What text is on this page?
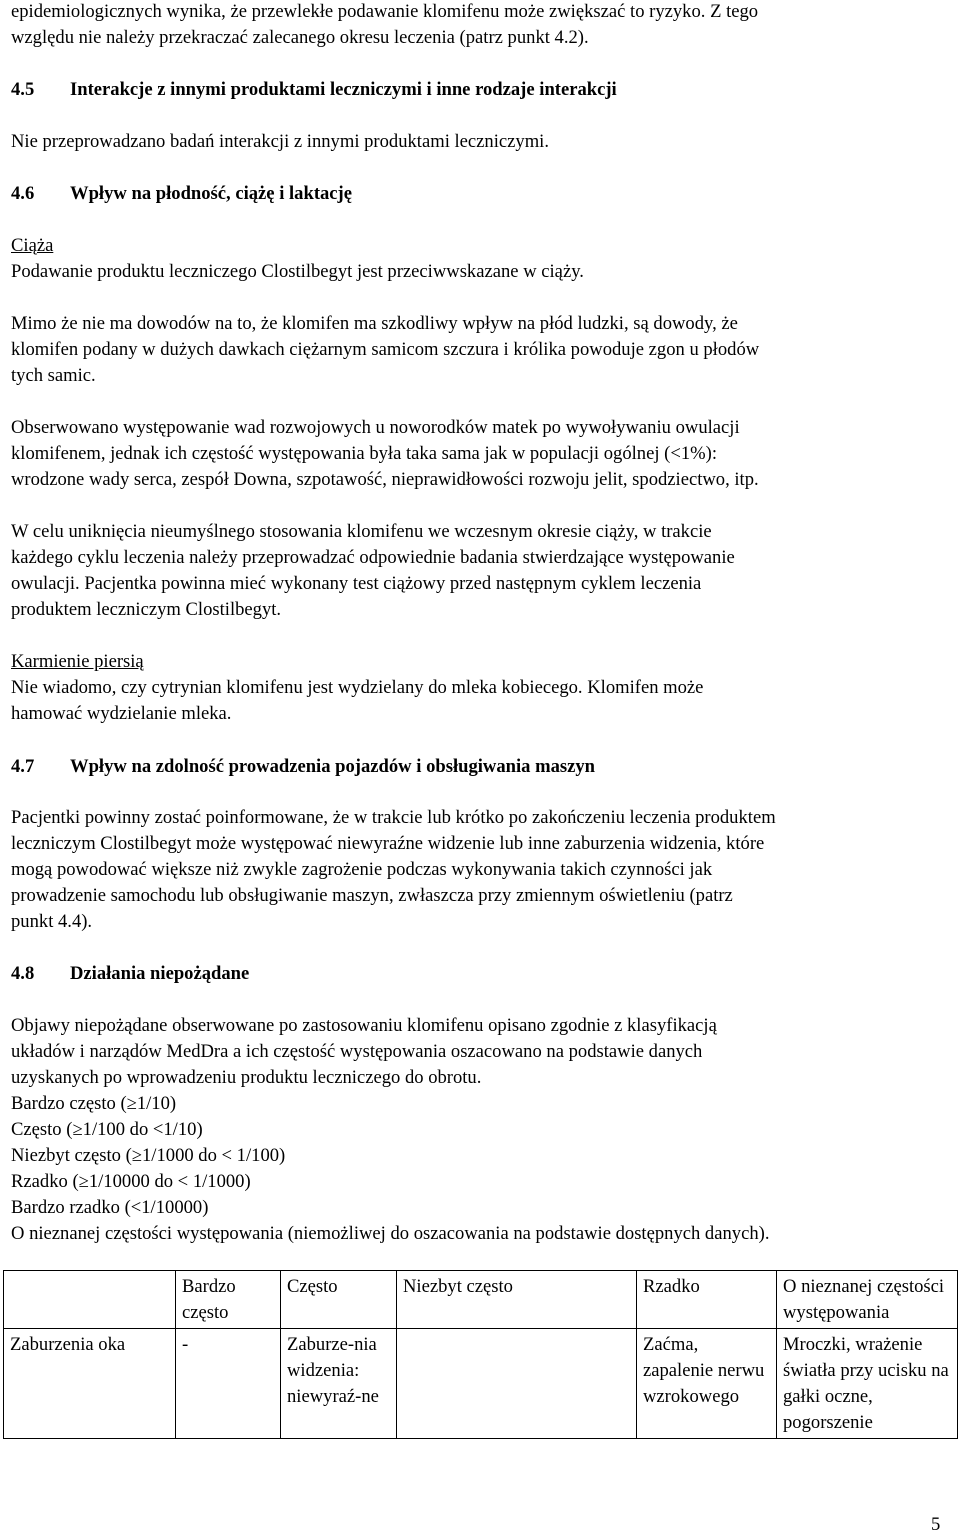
epidemiologicznych wynika, że przewlekłe podawanie klomifenu może zwiększać to ryzyko. Z tego

względu nie należy przekraczać zalecanego okresu leczenia (patrz punkt 4.2).

4.5 Interakcje z innymi produktami leczniczymi i inne rodzaje interakcji

Nie przeprowadzano badań interakcji z innymi produktami leczniczymi.

4.6 Wpływ na płodność, ciążę i laktację

Ciąża

Podawanie produktu leczniczego Clostilbegyt jest przeciwwskazane w ciąży.

Mimo że nie ma dowodów na to, że klomifen ma szkodliwy wpływ na płód ludzki, są dowody, że

klomifen podany w dużych dawkach ciężarnym samicom szczura i królika powoduje zgon u płodów

tych samic.

Obserwowano występowanie wad rozwojowych u noworodków matek po wywoływaniu owulacji

klomifenem, jednak ich częstość występowania była taka sama jak w populacji ogólnej (<1%):

wrodzone wady serca, zespół Downa, szpotawość, nieprawidłowości rozwoju jelit, spodziectwo, itp.

W celu uniknięcia nieumyślnego stosowania klomifenu we wczesnym okresie ciąży, w trakcie

każdego cyklu leczenia należy przeprowadzać odpowiednie badania stwierdzające występowanie

owulacji. Pacjentka powinna mieć wykonany test ciążowy przed następnym cyklem leczenia

produktem leczniczym Clostilbegyt.

Karmienie piersią

Nie wiadomo, czy cytrynian klomifenu jest wydzielany do mleka kobiecego. Klomifen może

hamować wydzielanie mleka.

4.7 Wpływ na zdolność prowadzenia pojazdów i obsługiwania maszyn

Pacjentki powinny zostać poinformowane, że w trakcie lub krótko po zakończeniu leczenia produktem

leczniczym Clostilbegyt może występować niewyraźne widzenie lub inne zaburzenia widzenia, które

mogą powodować większe niż zwykle zagrożenie podczas wykonywania takich czynności jak

prowadzenie samochodu lub obsługiwanie maszyn, zwłaszcza przy zmiennym oświetleniu (patrz

punkt 4.4).

4.8 Działania niepożądane

Objawy niepożądane obserwowane po zastosowaniu klomifenu opisano zgodnie z klasyfikacją

układów i narządów MedDra a ich częstość występowania oszacowano na podstawie danych

uzyskanych po wprowadzeniu produktu leczniczego do obrotu.

Bardzo często (≥1/10)

Często (≥1/100 do <1/10)

Niezbyt często (≥1/1000 do < 1/100)

Rzadko (≥1/10000 do < 1/1000)

Bardzo rzadko (<1/10000)

O nieznanej częstości występowania (niemożliwej do oszacowania na podstawie dostępnych danych).

	Bardzo często	Często	Niezbyt często	Rzadko	O nieznanej częstości występowania
Zaburzenia oka	-	Zaburze-nia widzenia: niewyraź-ne		Zaćma, zapalenie nerwu wzrokowego	Mroczki, wrażenie światła przy ucisku na gałki oczne, pogorszenie
5
